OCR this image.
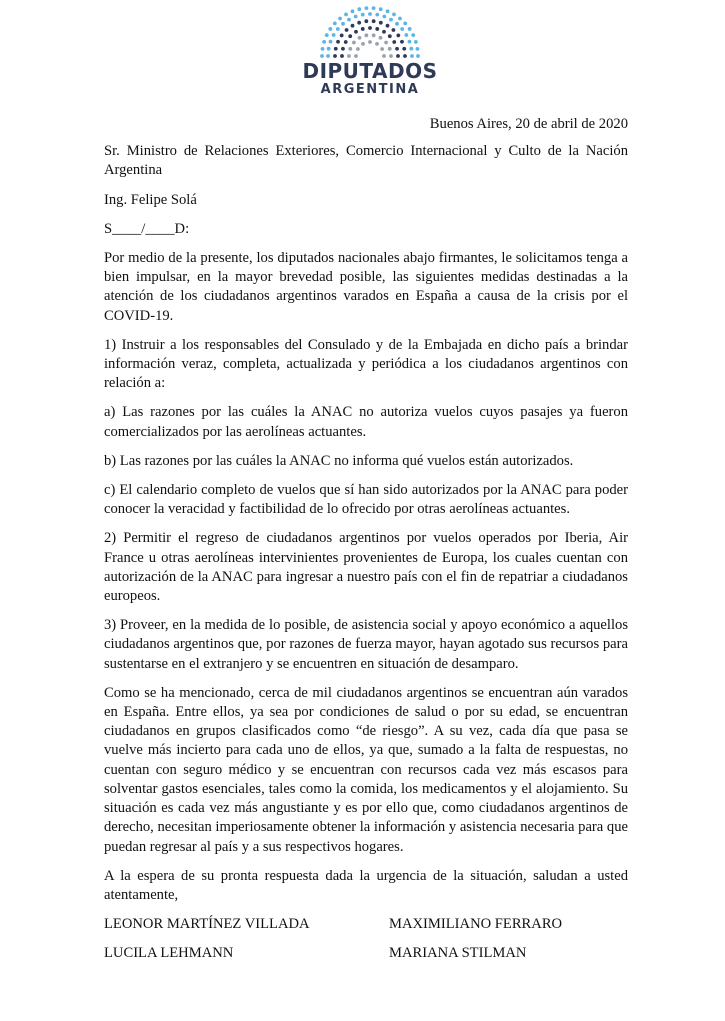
DIPUTADOS
ARGENTINA

Buenos Aires, 20 de abril de 2020

Sr. Ministro de Relaciones Exteriores, Comercio Internacional y Culto de la Nación Argentina

Ing. Felipe Solá

S____/____D:

Por medio de la presente, los diputados nacionales abajo firmantes, le solicitamos tenga a bien impulsar, en la mayor brevedad posible, las siguientes medidas destinadas a la atención de los ciudadanos argentinos varados en España a causa de la crisis por el COVID-19.

1) Instruir a los responsables del Consulado y de la Embajada en dicho país a brindar información veraz, completa, actualizada y periódica a los ciudadanos argentinos con relación a:

a) Las razones por las cuáles la ANAC no autoriza vuelos cuyos pasajes ya fueron comercializados por las aerolíneas actuantes.

b) Las razones por las cuáles la ANAC no informa qué vuelos están autorizados.

c) El calendario completo de vuelos que sí han sido autorizados por la ANAC para poder conocer la veracidad y factibilidad de lo ofrecido por otras aerolíneas actuantes.

2) Permitir el regreso de ciudadanos argentinos por vuelos operados por Iberia, Air France u otras aerolíneas intervinientes provenientes de Europa, los cuales cuentan con autorización de la ANAC para ingresar a nuestro país con el fin de repatriar a ciudadanos europeos.

3) Proveer, en la medida de lo posible, de asistencia social y apoyo económico a aquellos ciudadanos argentinos que, por razones de fuerza mayor, hayan agotado sus recursos para sustentarse en el extranjero y se encuentren en situación de desamparo.

Como se ha mencionado, cerca de mil ciudadanos argentinos se encuentran aún varados en España. Entre ellos, ya sea por condiciones de salud o por su edad, se encuentran ciudadanos en grupos clasificados como “de riesgo”. A su vez, cada día que pasa se vuelve más incierto para cada uno de ellos, ya que, sumado a la falta de respuestas, no cuentan con seguro médico y se encuentran con recursos cada vez más escasos para solventar gastos esenciales, tales como la comida, los medicamentos y el alojamiento. Su situación es cada vez más angustiante y es por ello que, como ciudadanos argentinos de derecho, necesitan imperiosamente obtener la información y asistencia necesaria para que puedan regresar al país y a sus respectivos hogares.

A la espera de su pronta respuesta dada la urgencia de la situación, saludan a usted atentamente,

LEONOR MARTÍNEZ VILLADA	MAXIMILIANO FERRARO
LUCILA LEHMANN	MARIANA STILMAN
